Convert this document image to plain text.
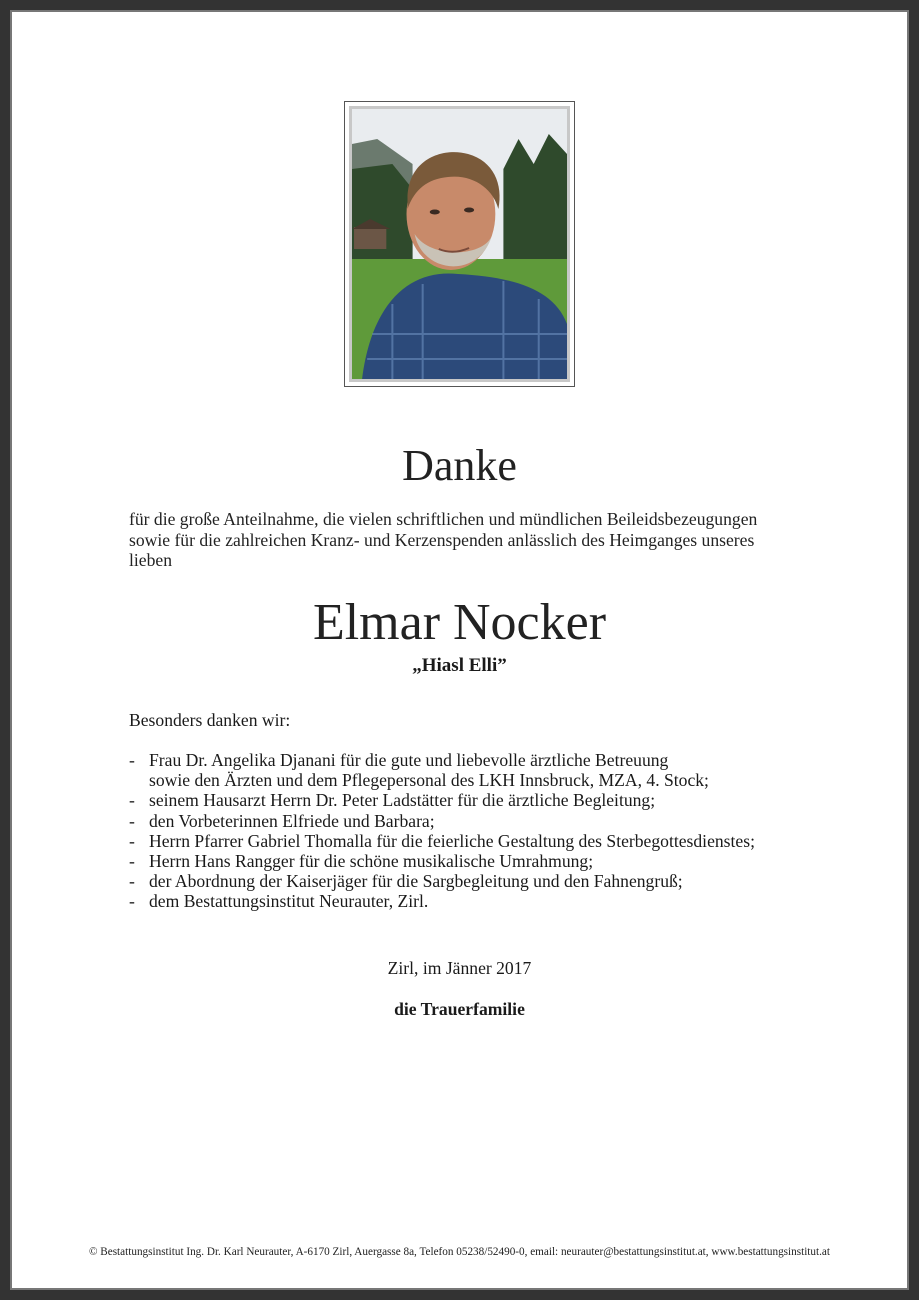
Danke
für die große Anteilnahme, die vielen schriftlichen und mündlichen Beileidsbezeugungen
sowie für die zahlreichen Kranz- und Kerzenspenden anlässlich des Heimganges unseres
lieben
Elmar Nocker
„Hiasl Elli”
Besonders danken wir:
- Frau Dr. Angelika Djanani für die gute und liebevolle ärztliche Betreuung
sowie den Ärzten und dem Pflegepersonal des LKH Innsbruck, MZA, 4. Stock;
- seinem Hausarzt Herrn Dr. Peter Ladstätter für die ärztliche Begleitung;
- den Vorbeterinnen Elfriede und Barbara;
- Herrn Pfarrer Gabriel Thomalla für die feierliche Gestaltung des Sterbegottesdienstes;
- Herrn Hans Rangger für die schöne musikalische Umrahmung;
- der Abordnung der Kaiserjäger für die Sargbegleitung und den Fahnengruß;
- dem Bestattungsinstitut Neurauter, Zirl.
Zirl, im Jänner 2017
die Trauerfamilie
© Bestattungsinstitut Ing. Dr. Karl Neurauter, A-6170 Zirl, Auergasse 8a, Telefon 05238/52490-0, email: neurauter@bestattungsinstitut.at, www.bestattungsinstitut.at
